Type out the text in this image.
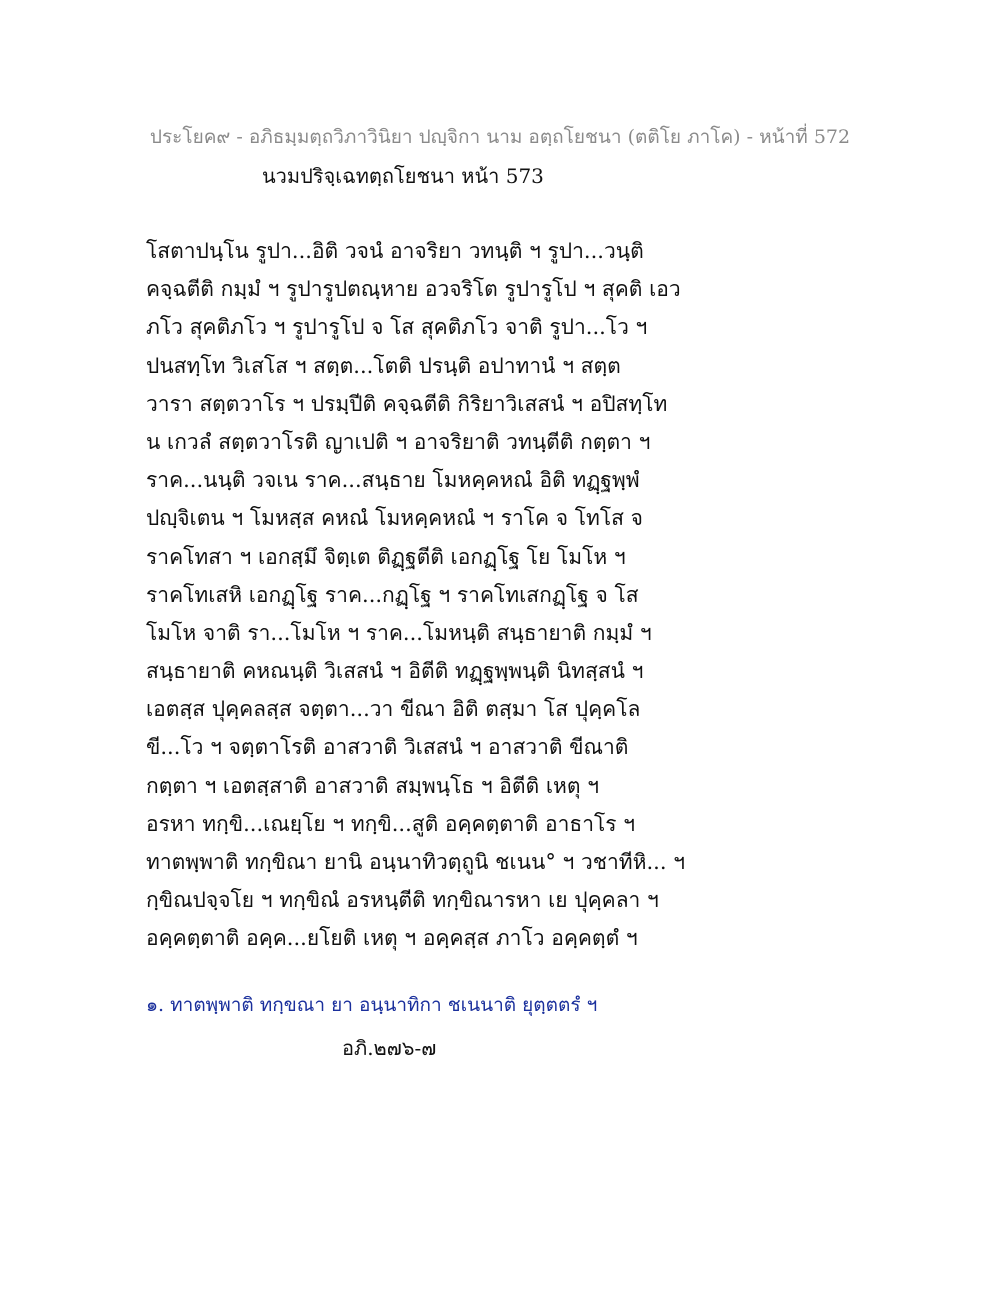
ประโยค๙ - อภิธมฺมตฺถวิภาวินิยา ปญฺจิกา นาม อตฺถโยชนา (ตติโย ภาโค) - หน้าที่ 572
นวมปริจฺเฉทตฺถโยชนา หน้า 573
โสตาปนฺโน รูปา...อิติ วจนํ อาจริยา วทนฺติ ฯ รูปา...วนฺติ
คจฺฉตีติ กมฺมํ ฯ รูปารูปตณฺหาย อวจริโต รูปารูโป ฯ สุคติ เอว
ภโว สุคติภโว ฯ รูปารูโป จ โส สุคติภโว จาติ รูปา...โว ฯ
ปนสทฺโท วิเสโส ฯ สตฺต...โตติ ปรนฺติ อปาทานํ ฯ สตฺต
วารา สตฺตวาโร ฯ ปรมฺปีติ คจฺฉตีติ กิริยาวิเสสนํ ฯ อปิสทฺโท
น เกวลํ สตฺตวาโรติ ญาเปติ ฯ อาจริยาติ วทนฺตีติ กตฺตา ฯ
ราค...นนฺติ วจเน ราค...สนฺธาย โมหคฺคหณํ อิติ ทฏฺฐพฺพํ
ปญฺจิเตน ฯ โมหสฺส คหณํ โมหคฺคหณํ ฯ ราโค จ โทโส จ
ราคโทสา ฯ เอกสฺมึ จิตฺเต ติฏฺฐตีติ เอกฏฺโฐ โย โมโห ฯ
ราคโทเสหิ เอกฏฺโฐ ราค...กฏฺโฐ ฯ ราคโทเสกฏฺโฐ จ โส
โมโห จาติ รา...โมโห ฯ ราค...โมหนฺติ สนฺธายาติ กมฺมํ ฯ
สนฺธายาติ คหณนฺติ วิเสสนํ ฯ อิตีติ ทฏฺฐพฺพนฺติ นิทสฺสนํ ฯ
เอตสฺส ปุคฺคลสฺส จตฺตา...วา ขีณา อิติ ตสฺมา โส ปุคฺคโล
ขี...โว ฯ จตฺตาโรติ อาสวาติ วิเสสนํ ฯ อาสวาติ ขีณาติ
กตฺตา ฯ เอตสฺสาติ อาสวาติ สมฺพนฺโธ ฯ อิตีติ เหตุ ฯ
อรหา ทกฺขิ...เณยฺโย ฯ ทกฺขิ...สูติ อคฺคตฺตาติ อาธาโร ฯ
ทาตพฺพาติ ทกฺขิณา ยานิ อนฺนาทิวตฺถูนิ ชเนน° ฯ วชาทีหิ... ฯ
กฺขิณปจฺจโย ฯ ทกฺขิณํ อรหนฺตีติ ทกฺขิณารหา เย ปุคฺคลา ฯ
อคฺคตฺตาติ อคฺค...ยโยติ เหตุ ฯ อคฺคสฺส ภาโว อคฺคตฺตํ ฯ
๑. ทาตพฺพาติ ทกฺขณา ยา อนฺนาทิกา ชเนนาติ ยุตฺตตรํ ฯ
อภิ.๒๗๖-๗
